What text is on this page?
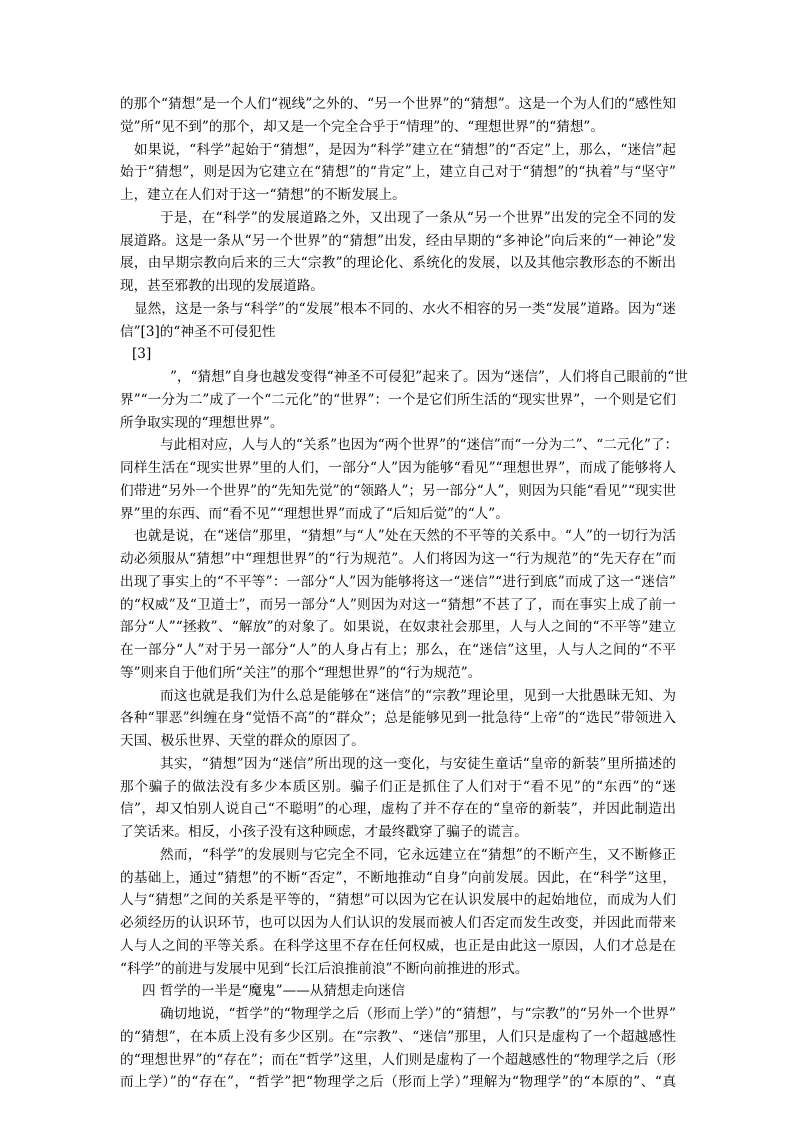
的那个“猜想”是一个人们“视线”之外的、“另一个世界”的“猜想”。这是一个为人们的“感性知
觉”所“见不到”的那个，却又是一个完全合乎于“情理”的、“理想世界”的“猜想”。
如果说，“科学”起始于“猜想”，是因为“科学”建立在“猜想”的“否定”上，那么，“迷信”起
始于“猜想”，则是因为它建立在“猜想”的“肯定”上，建立自己对于“猜想”的“执着”与“坚守”
上，建立在人们对于这一“猜想”的不断发展上。
于是，在“科学”的发展道路之外，又出现了一条从“另一个世界”出发的完全不同的发
展道路。这是一条从“另一个世界”的“猜想”出发，经由早期的“多神论”向后来的“一神论”发
展，由早期宗教向后来的三大“宗教”的理论化、系统化的发展，以及其他宗教形态的不断出
现，甚至邪教的出现的发展道路。
显然，这是一条与“科学”的“发展”根本不同的、水火不相容的另一类“发展”道路。因为“迷
信”[3]的“神圣不可侵犯性
[3]
”，“猜想”自身也越发变得“神圣不可侵犯”起来了。因为“迷信”，人们将自己眼前的“世
界”“一分为二”成了一个“二元化”的“世界”：一个是它们所生活的“现实世界”，一个则是它们
所争取实现的“理想世界”。
与此相对应，人与人的“关系”也因为“两个世界”的“迷信”而“一分为二”、“二元化”了：
同样生活在“现实世界”里的人们，一部分“人”因为能够“看见”“理想世界”，而成了能够将人
们带进“另外一个世界”的“先知先觉”的“领路人”；另一部分“人”，则因为只能“看见”“现实世
界”里的东西、而“看不见”“理想世界”而成了“后知后觉”的“人”。
也就是说，在“迷信”那里，“猜想”与“人”处在天然的不平等的关系中。“人”的一切行为活
动必须服从“猜想”中“理想世界”的“行为规范”。人们将因为这一“行为规范”的“先天存在”而
出现了事实上的“不平等”：一部分“人”因为能够将这一“迷信”“进行到底”而成了这一“迷信”
的“权威”及“卫道士”，而另一部分“人”则因为对这一“猜想”不甚了了，而在事实上成了前一
部分“人”“拯救”、“解放”的对象了。如果说，在奴隶社会那里，人与人之间的“不平等”建立
在一部分“人”对于另一部分“人”的人身占有上；那么，在“迷信”这里，人与人之间的“不平
等”则来自于他们所“关注”的那个“理想世界”的“行为规范”。
而这也就是我们为什么总是能够在“迷信”的“宗教”理论里，见到一大批愚昧无知、为
各种“罪恶”纠缠在身“觉悟不高”的“群众”；总是能够见到一批急待“上帝”的“选民”带领进入
天国、极乐世界、天堂的群众的原因了。
其实，“猜想”因为“迷信”所出现的这一变化，与安徒生童话“皇帝的新装”里所描述的
那个骗子的做法没有多少本质区别。骗子们正是抓住了人们对于“看不见”的“东西”的“迷
信”，却又怕别人说自己“不聪明”的心理，虚构了并不存在的“皇帝的新装”，并因此制造出
了笑话来。相反，小孩子没有这种顾虑，才最终戳穿了骗子的谎言。
然而，“科学”的发展则与它完全不同，它永远建立在“猜想”的不断产生，又不断修正
的基础上，通过“猜想”的不断“否定”，不断地推动“自身”向前发展。因此，在“科学”这里，
人与“猜想”之间的关系是平等的，“猜想”可以因为它在认识发展中的起始地位，而成为人们
必须经历的认识环节，也可以因为人们认识的发展而被人们否定而发生改变，并因此而带来
人与人之间的平等关系。在科学这里不存在任何权威，也正是由此这一原因，人们才总是在
“科学”的前进与发展中见到“长江后浪推前浪”不断向前推进的形式。
四 哲学的一半是“魔鬼”——从猜想走向迷信
确切地说，“哲学”的“物理学之后（形而上学）”的“猜想”，与“宗教”的“另外一个世界”
的“猜想”，在本质上没有多少区别。在“宗教”、“迷信”那里，人们只是虚构了一个超越感性
的“理想世界”的“存在”；而在“哲学”这里，人们则是虚构了一个超越感性的“物理学之后（形
而上学）”的“存在”，“哲学”把“物理学之后（形而上学）”理解为“物理学”的“本原的”、“真
